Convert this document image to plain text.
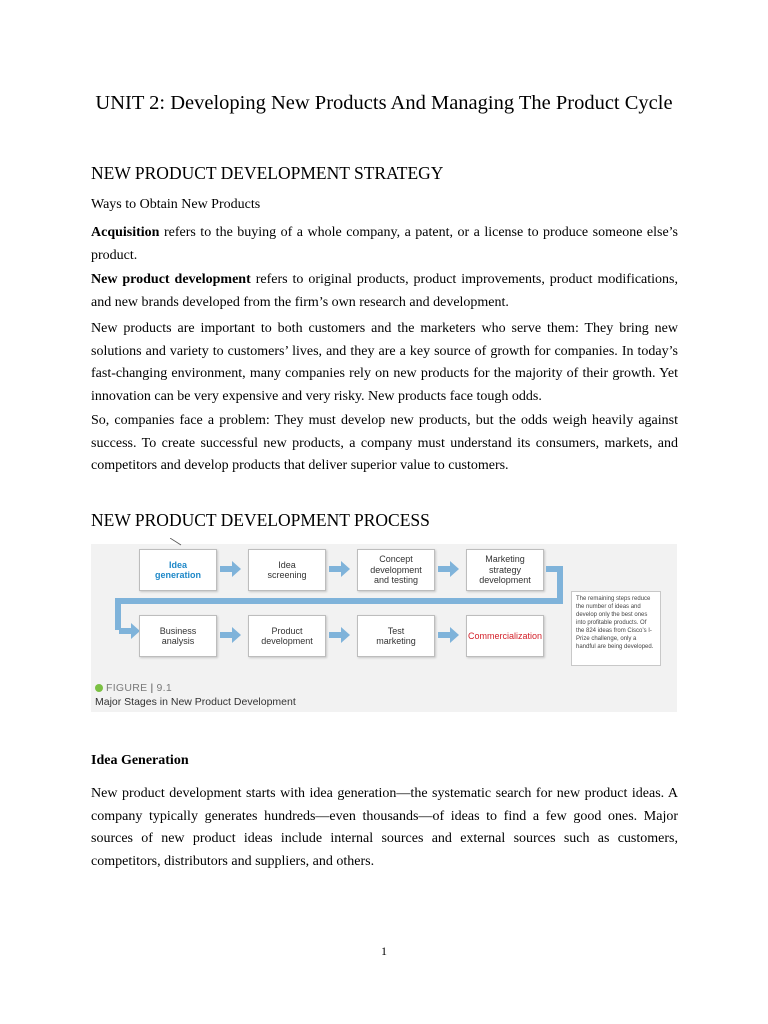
UNIT 2: Developing New Products And Managing The Product Cycle
NEW PRODUCT DEVELOPMENT STRATEGY

Ways to Obtain New Products

Acquisition refers to the buying of a whole company, a patent, or a license to produce someone else’s product.

New product development refers to original products, product improvements, product modifications, and new brands developed from the firm’s own research and development.

New products are important to both customers and the marketers who serve them: They bring new solutions and variety to customers’ lives, and they are a key source of growth for companies. In today’s fast-changing environment, many companies rely on new products for the majority of their growth. Yet innovation can be very expensive and very risky. New products face tough odds.

So, companies face a problem: They must develop new products, but the odds weigh heavily against success. To create successful new products, a company must understand its consumers, markets, and competitors and develop products that deliver superior value to customers.

NEW PRODUCT DEVELOPMENT PROCESS
Idea
generation
Idea
screening
Concept
development
and testing
Marketing
strategy
development
Business
analysis
Product
development
Test
marketing
Commercialization
The remaining steps reduce the number of ideas and develop only the best ones into profitable products. Of the 824 ideas from Cisco’s I-Prize challenge, only a handful are being developed.
FIGURE | 9.1
Major Stages in New Product Development
Idea Generation

New product development starts with idea generation—the systematic search for new product ideas. A company typically generates hundreds—even thousands—of ideas to find a few good ones. Major sources of new product ideas include internal sources and external sources such as customers, competitors, distributors and suppliers, and others.

1
